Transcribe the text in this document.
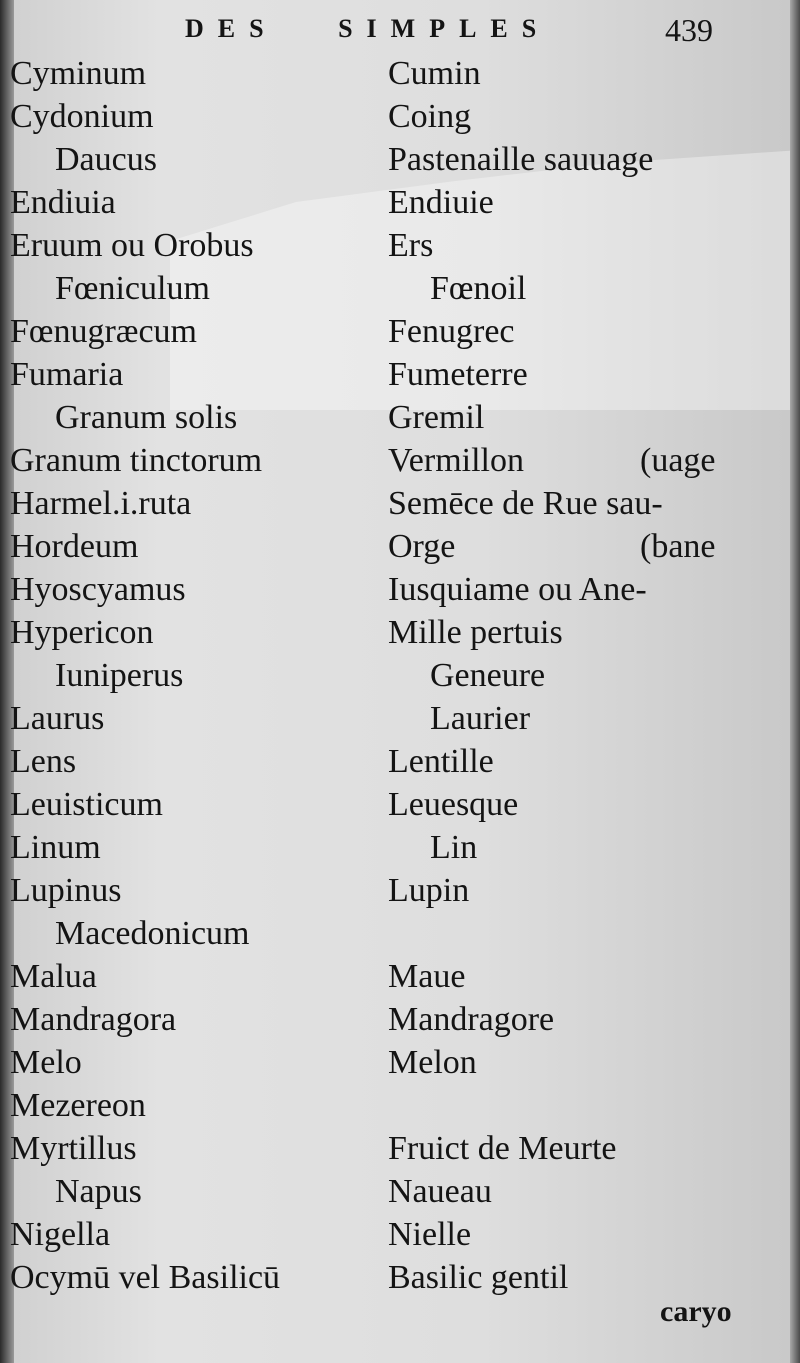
DES SIMPLES	439
Cyminum	Cumin
Cydonium	Coing
Daucus	Pastenaille sauuage
Endiuia	Endiuie
Eruum ou Orobus	Ers
Fœniculum	Fœnoil
Fœnugræcum	Fenugrec
Fumaria	Fumeterre
Granum solis	Gremil
Granum tinctorum	Vermillon	(uage
Harmel.i.ruta	Semēce de Rue sau-
Hordeum	Orge	(bane
Hyoscyamus	Iusquiame ou Ane-
Hypericon	Mille pertuis
Iuniperus	Geneure
Laurus	Laurier
Lens	Lentille
Leuisticum	Leuesque
Linum	Lin
Lupinus	Lupin
Macedonicum
Malua	Maue
Mandragora	Mandragore
Melo	Melon
Mezereon
Myrtillus	Fruict de Meurte
Napus	Naueau
Nigella	Nielle
Ocymū vel Basilicū	Basilic gentil
caryo
